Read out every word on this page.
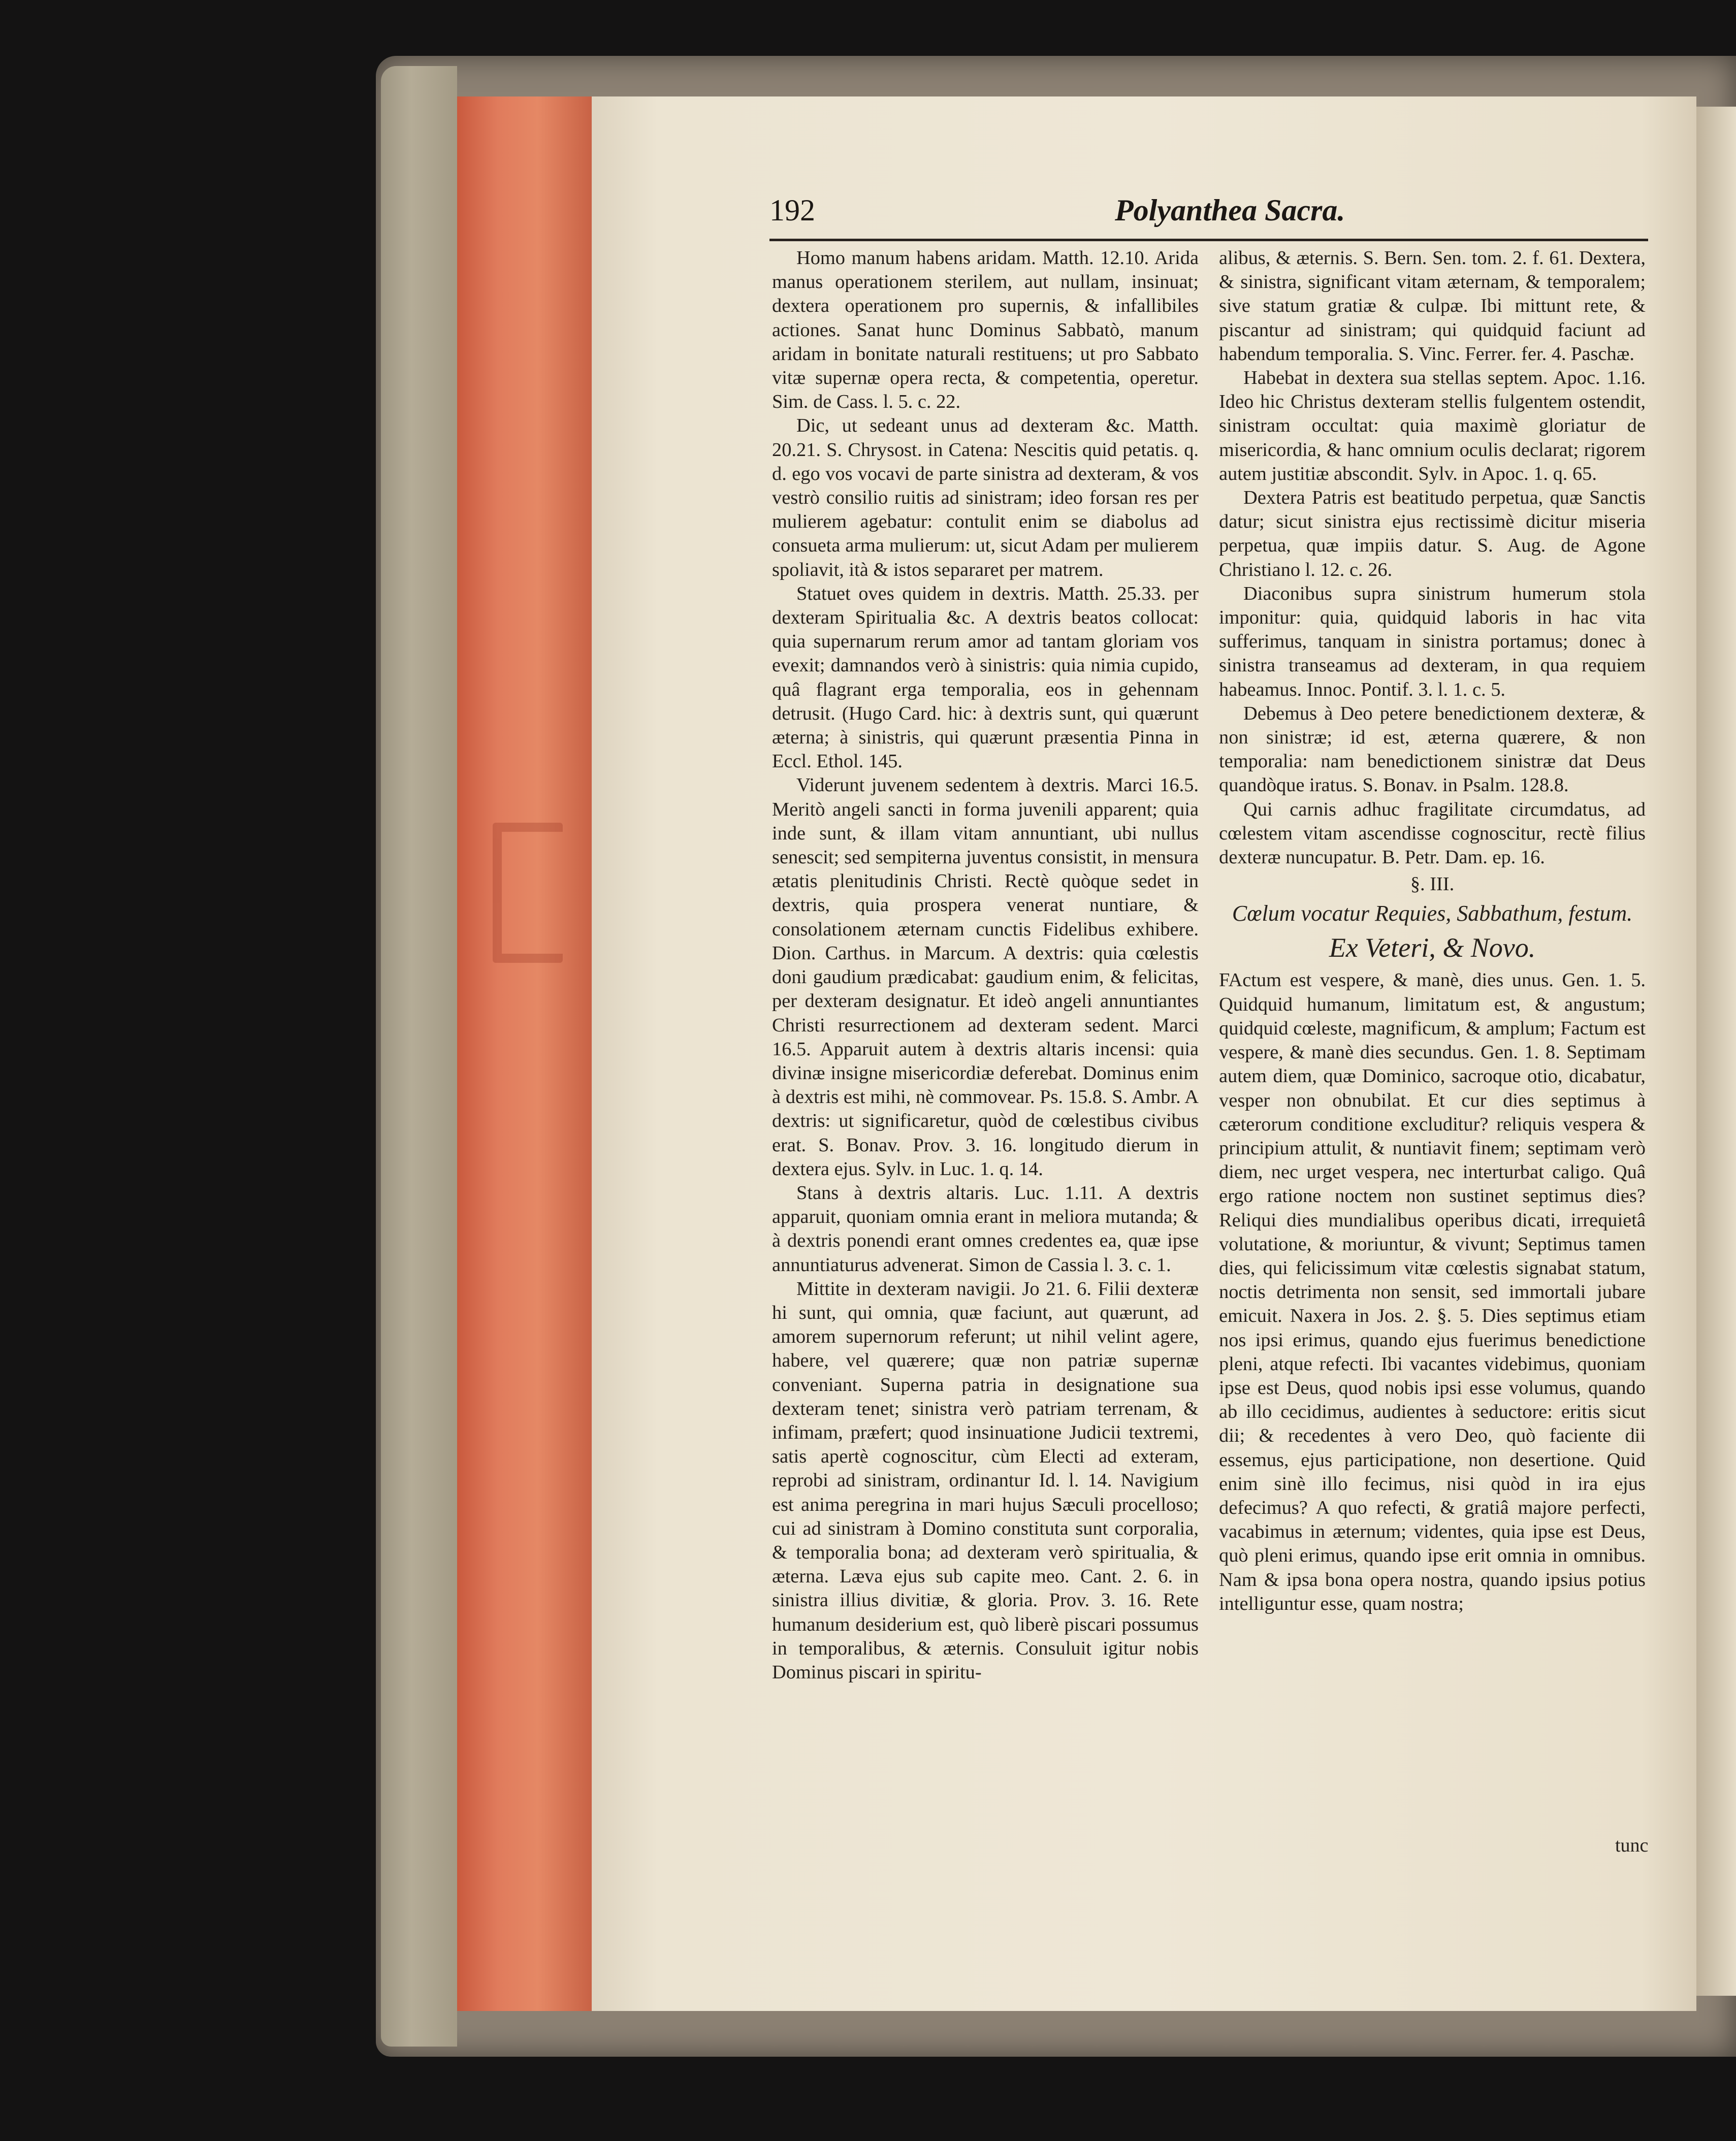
192	Polyanthea Sacra.

Homo manum habens aridam. Matth. 12.10. Arida manus operationem sterilem, aut nullam, insinuat; dextera operationem pro supernis, & infallibiles actiones. Sanat hunc Dominus Sabbatò, manum aridam in bonitate naturali restituens; ut pro Sabbato vitæ supernæ opera recta, & competentia, operetur. Sim. de Cass. l. 5. c. 22.

Dic, ut sedeant unus ad dexteram &c. Matth. 20.21. S. Chrysost. in Catena: Nescitis quid petatis. q. d. ego vos vocavi de parte sinistra ad dexteram, & vos vestrò consilio ruitis ad sinistram; ideo forsan res per mulierem agebatur: contulit enim se diabolus ad consueta arma mulierum: ut, sicut Adam per mulierem spoliavit, ità & istos separaret per matrem.

Statuet oves quidem in dextris. Matth. 25.33. per dexteram Spiritualia &c. A dextris beatos collocat: quia supernarum rerum amor ad tantam gloriam vos evexit; damnandos verò à sinistris: quia nimia cupido, quâ flagrant erga temporalia, eos in gehennam detrusit. (Hugo Card. hic: à dextris sunt, qui quærunt æterna; à sinistris, qui quærunt præsentia Pinna in Eccl. Ethol. 145.

Viderunt juvenem sedentem à dextris. Marci 16.5. Meritò angeli sancti in forma juvenili apparent; quia inde sunt, & illam vitam annuntiant, ubi nullus senescit; sed sempiterna juventus consistit, in mensura ætatis plenitudinis Christi. Rectè quòque sedet in dextris, quia prospera venerat nuntiare, & consolationem æternam cunctis Fidelibus exhibere. Dion. Carthus. in Marcum. A dextris: quia cœlestis doni gaudium prædicabat: gaudium enim, & felicitas, per dexteram designatur. Et ideò angeli annuntiantes Christi resurrectionem ad dexteram sedent. Marci 16.5. Apparuit autem à dextris altaris incensi: quia divinæ insigne misericordiæ deferebat. Dominus enim à dextris est mihi, nè commovear. Ps. 15.8. S. Ambr. A dextris: ut significaretur, quòd de cœlestibus civibus erat. S. Bonav. Prov. 3. 16. longitudo dierum in dextera ejus. Sylv. in Luc. 1. q. 14.

Stans à dextris altaris. Luc. 1.11. A dextris apparuit, quoniam omnia erant in meliora mutanda; & à dextris ponendi erant omnes credentes ea, quæ ipse annuntiaturus advenerat. Simon de Cassia l. 3. c. 1.

Mittite in dexteram navigii. Jo 21. 6. Filii dexteræ hi sunt, qui omnia, quæ faciunt, aut quærunt, ad amorem supernorum referunt; ut nihil velint agere, habere, vel quærere; quæ non patriæ supernæ conveniant. Superna patria in designatione sua dexteram tenet; sinistra verò patriam terrenam, & infimam, præfert; quod insinuatione Judicii textremi, satis apertè cognoscitur, cùm Electi ad exteram, reprobi ad sinistram, ordinantur Id. l. 14. Navigium est anima peregrina in mari hujus Sæculi procelloso; cui ad sinistram à Domino constituta sunt corporalia, & temporalia bona; ad dexteram verò spiritualia, & æterna. Læva ejus sub capite meo. Cant. 2. 6. in sinistra illius divitiæ, & gloria. Prov. 3. 16. Rete humanum desiderium est, quò liberè piscari possumus in temporalibus, & æternis. Consuluit igitur nobis Dominus piscari in spiritu-

alibus, & æternis. S. Bern. Sen. tom. 2. f. 61. Dextera, & sinistra, significant vitam æternam, & temporalem; sive statum gratiæ & culpæ. Ibi mittunt rete, & piscantur ad sinistram; qui quidquid faciunt ad habendum temporalia. S. Vinc. Ferrer. fer. 4. Paschæ.

Habebat in dextera sua stellas septem. Apoc. 1.16. Ideo hic Christus dexteram stellis fulgentem ostendit, sinistram occultat: quia maximè gloriatur de misericordia, & hanc omnium oculis declarat; rigorem autem justitiæ abscondit. Sylv. in Apoc. 1. q. 65.

Dextera Patris est beatitudo perpetua, quæ Sanctis datur; sicut sinistra ejus rectissimè dicitur miseria perpetua, quæ impiis datur. S. Aug. de Agone Christiano l. 12. c. 26.

Diaconibus supra sinistrum humerum stola imponitur: quia, quidquid laboris in hac vita sufferimus, tanquam in sinistra portamus; donec à sinistra transeamus ad dexteram, in qua requiem habeamus. Innoc. Pontif. 3. l. 1. c. 5.

Debemus à Deo petere benedictionem dexteræ, & non sinistræ; id est, æterna quærere, & non temporalia: nam benedictionem sinistræ dat Deus quandòque iratus. S. Bonav. in Psalm. 128.8.

Qui carnis adhuc fragilitate circumdatus, ad cœlestem vitam ascendisse cognoscitur, rectè filius dexteræ nuncupatur. B. Petr. Dam. ep. 16.

§. III.
Cœlum vocatur Requies, Sabbathum, festum.
Ex Veteri, & Novo.

FActum est vespere, & manè, dies unus. Gen. 1. 5. Quidquid humanum, limitatum est, & angustum; quidquid cœleste, magnificum, & amplum; Factum est vespere, & manè dies secundus. Gen. 1. 8. Septimam autem diem, quæ Dominico, sacroque otio, dicabatur, vesper non obnubilat. Et cur dies septimus à cæterorum conditione excluditur? reliquis vespera & principium attulit, & nuntiavit finem; septimam verò diem, nec urget vespera, nec interturbat caligo. Quâ ergo ratione noctem non sustinet septimus dies? Reliqui dies mundialibus operibus dicati, irrequietâ volutatione, & moriuntur, & vivunt; Septimus tamen dies, qui felicissimum vitæ cœlestis signabat statum, noctis detrimenta non sensit, sed immortali jubare emicuit. Naxera in Jos. 2. §. 5. Dies septimus etiam nos ipsi erimus, quando ejus fuerimus benedictione pleni, atque refecti. Ibi vacantes videbimus, quoniam ipse est Deus, quod nobis ipsi esse volumus, quando ab illo cecidimus, audientes à seductore: eritis sicut dii; & recedentes à vero Deo, quò faciente dii essemus, ejus participatione, non desertione. Quid enim sinè illo fecimus, nisi quòd in ira ejus defecimus? A quo refecti, & gratiâ majore perfecti, vacabimus in æternum; videntes, quia ipse est Deus, quò pleni erimus, quando ipse erit omnia in omnibus. Nam & ipsa bona opera nostra, quando ipsius potius intelliguntur esse, quam nostra;

tunc
